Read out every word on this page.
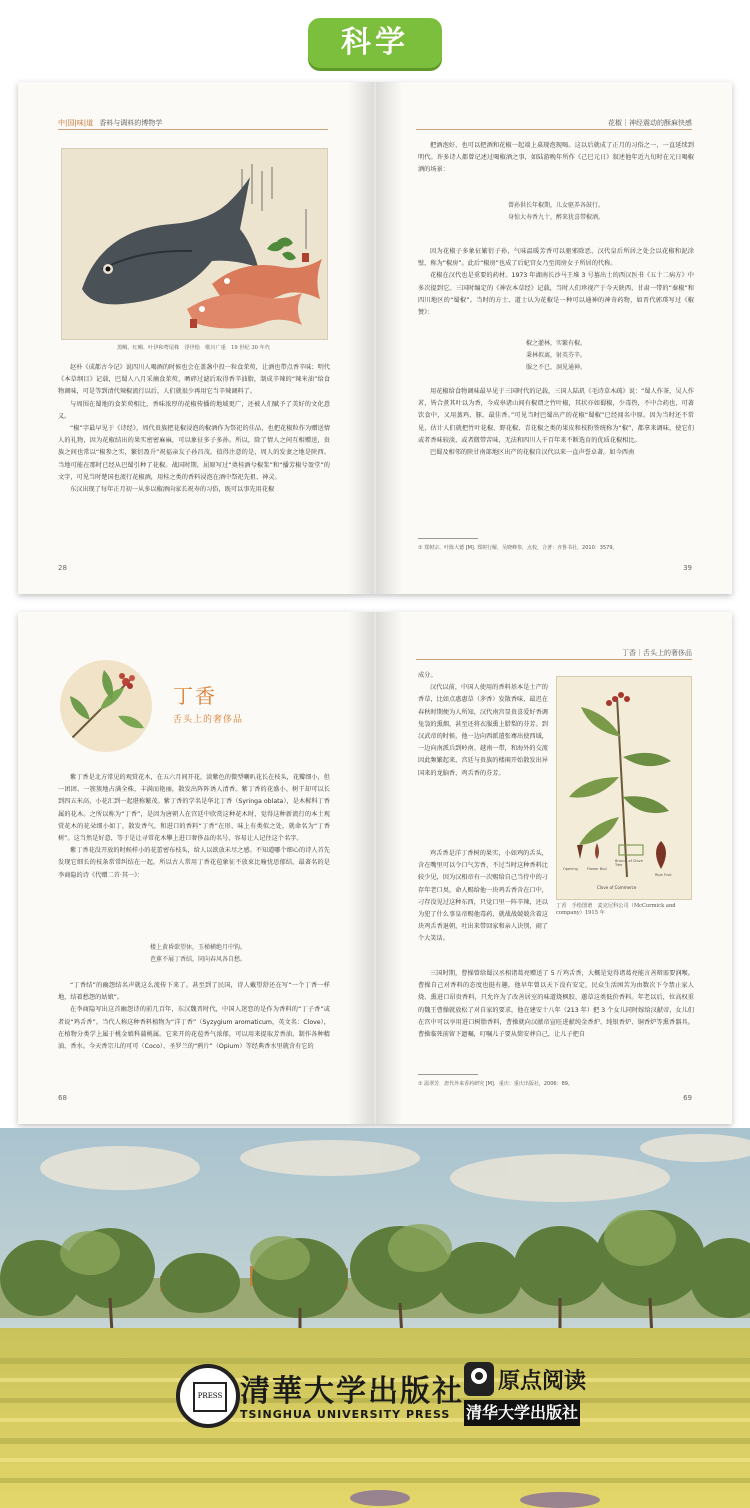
科学
中|国|味|道 香料与调料的博物学
黑鲷、红鲷、叶伊和鸢尾株　浮世绘　歌川广重　19 世纪 30 年代

赵朴《成都古今记》说四川人喝酒的时候也会在盖盏中投一粒食茱萸，让酒也带点香辛味；明代《本草纲目》记载，巴蜀人八月采摘食茱萸，晒碎过滤后取得香辛油脂，制成辛辣的“辣米油”给食物调味，可是等到清代辣椒流行以后，人们就很少再用它当辛辣调料了。

与周围在蜀地的食茱萸相比，香味浓厚的花椒传播的地域更广，还被人们赋予了美好的文化意义。

“椒”字最早见于《诗经》，周代贵族把花椒浸泡的椒酒作为祭祀的佳品，也把花椒粒作为赠送情人的礼物，因为花椒结出的果实密密麻麻，可以象征多子多孙。所以，除了情人之间互相赠送，贵族之间也常以“椒参之实，繁衍盈升”祝福亲友子孙昌茂。值得注意的是，周人的发妻之地是陕西。当地可能在那时已经从巴蜀引种了花椒。战国时期，屈原写过“奠桂酒兮椒浆”和“播芳椒兮盈堂”的文字，可见当时楚国也流行花椒酒，用桂之类的香料浸泡在酒中祭祀先祖、神灵。

东汉出现了每年正月初一从多以椒酒向家长祝寿的习俗，既可以事先用花椒

28
花椒｜神经震动的酥麻快感

把酒泡好，也可以把酒和花椒一起端上桌现泡现喝。这以后就成了正月的习俗之一，一直延续到明代。许多诗人都曾记述过喝椒酒之事，如陆游晚年所作《己巳元日》叙述他年近九旬时在元日喝椒酒的场景：

曾孙供长年椒期，儿女驱养各鼓行。
身惊大寿香九十，醉来犹喜带椒酒。

因为花椒子多象征繁衍子孙，气味温暖芳香可以驱邪除恶，汉代皇后所居之处会以花椒和泥涂壁，称为“椒房”。此后“椒房”也成了后妃宫女乃至闺房女子所居的代称。

花椒在汉代也是重要的药材。1973 年湖南长沙马王堆 3 号墓出土的西汉医书《五十二病方》中多次提到它。三国时编定的《神农本草经》记载，当时人们珍视产于今天陕西、甘肃一带的“秦椒”和四川地区的“蜀椒”。当时的方士、道士认为花椒是一种可以通神的神奇药物，如晋代郭璞写过《椒赞》：

椒之灌林，实繁有椒。
秉林拟离，射英芬辛。
服之不已，洞见通神。

用花椒给食物调味最早见于三国时代的记载，三国人陆玑《毛诗草木疏》说：“蜀人作茶，吴人作茗，皆合煮其叶以为香，今成皋诸山间有椒谓之竹叶椒，其状亦如蜀椒，少毒热，不中合药也，可著饮食中，又用蒸鸡、豚，最佳香。”可见当时巴蜀出产的花椒“蜀椒”已经闻名中原。因为当时还不常见，估计人们就把竹叶花椒、野花椒、青花椒之类的果皮和枝粉签统称为“椒”，都拿来调味，使它们或者香味较淡，或者微带苦味，无法和四川人千百年来不断选育的优质花椒相比。

巴蜀及相邻的陕甘南部地区出产的花椒自汉代以来一直声誉卓著。如今西南

① 郑树宗、叶陈大德 [M]. 郑树行解，吴晓峰参，点校，合著：齐鲁书社，2010：3579。
39
丁香
舌头上的奢侈品

紫丁香是北方常见的观赏花木，在五六月间开花，淡紫色的微型喇叭花长在枝头，花瓣细小，但一团团、一簇簇地占满全株，丰满而艳丽，散发出阵阵诱人清香。紫丁香的花盛小，树干却可以长到四五米高，小花汇到一起堪称繁茂。紫丁香的学名是华北丁香（Syringa oblata），是木樨科丁香属的花木。之所以称为“丁香”，是因为唐朝人在宫廷中欣赏这种花木时，觉得这种新流行的本土观赏花木的花朵细小如丁，散发香气，和进口的香料“丁香”在形、味上有类似之处，就命名为“丁香树”。这当然是好意，等于是让寻常花木攀上进口奢侈品的名号，容易让人记住这个名字。

紫丁香花没开放的时候样小的花蕾密布枝头，给人以欲放未尽之感。不知道哪个细心的诗人首先发现它细长的枝条常常纠结在一起，所以古人常用丁香花苞象征不放束比喻忧思郁结，最著名的是李商隐的诗《代赠二首·其一》：

楼上黄昏欲望休，玉梯横绝月中钩。
芭蕉不展丁香结，同向春风各自愁。

“丁香结”的幽怨结名声就这么流传下来了。甚至到了民国，诗人戴望舒还在写“一个丁香一样地，结着愁怨的姑娘”。

在李商隐写出这首幽怨诗的前几百年，东汉魏晋时代，中国人迷恋的是作为香料的“丁子香”或者说“鸡舌香”。当代人称这种香料植物为“洋丁香”（Syzygium aromaticum，英文名：Clove），在植物分类学上属于桃金娘科蒲桃属。它来开的花苞香气浓郁，可以用来提取芳香油，制作各种精油、香水。今天香宗儿的可可（Coco）、圣罗兰的“鸦片”（Opium）等经典香水里就含有它的

68
丁香｜舌头上的奢侈品

成分。

汉代以前，中国人使用的香料基本是土产的香草，比如点惠惠草（茅香）发散香味，最迟在春秋时期便为人所知，汉代南宫显贵喜爱好香调兔袅的熏烟，甚至还将衣服熏上腊梨的芬芳。到汉武帝的时候，他一边向西派遣张骞出使西域，一边向南派兵到岭南、越南一带，和海外的交流因此频繁起来，宫廷与贵族的楼闱开始散发出异国来的龙脑香、鸡舌香的芬芳。

Opening	Flower Bud
Branch of Clove Tree
Ripe Fruit
Clove of Commerce
丁香　手绘图谱　麦克尼科公司（McCormick and company）1915 年

鸡舌香是洋丁香树的果实，小如鸡的舌头，含在嘴里可以令口气芳香，不过当时这种香料比较少见，因为汉相帝有一次赐给自己当侍中的刁存年老口臭，命人赐给他一块鸡舌香含在口中，刁存没见过这种东西，只觉口里一阵辛辣，还以为犯了什么事皇帝赐他毒药，就战战兢兢含着这块鸡舌香退朝，吐出来带回家和亲人诀别，闹了个大笑话。

三国时期，曹操曾给蜀汉丞相诸葛亮赠送了 5 斤鸡舌香，大概是觉得诸葛亮能言善辩需要润喉。曹操自己对香料的态度也挺有趣，他早年曾以天下没有安定，民众生活困苦为由数次下令禁止家人烧、熏进口昂贵香料，只允许为了改善居室的味道烧枫胶、蕙草这类低价香料。年老以后，位高权重的魏王曹操就放松了对自家的要求，他在建安十八年（213 年）把 3 个女儿同时嫁给汉献帝，女儿们在宫中可以享用进口树脂香料，曹操就向汉献帝宣旺进献纯金香炉、纯银香炉、铜香炉等熏香器具。曹操临死前留下遗嘱，叮嘱儿子要从简安葬自己，让儿子把自

① 温翠芳．唐代外来香药研究 [M]．重庆：重庆出版社，2006：89。
69
PRESS 清華大学出版社
TSINGHUA UNIVERSITY PRESS
原点阅读
清华大学出版社
